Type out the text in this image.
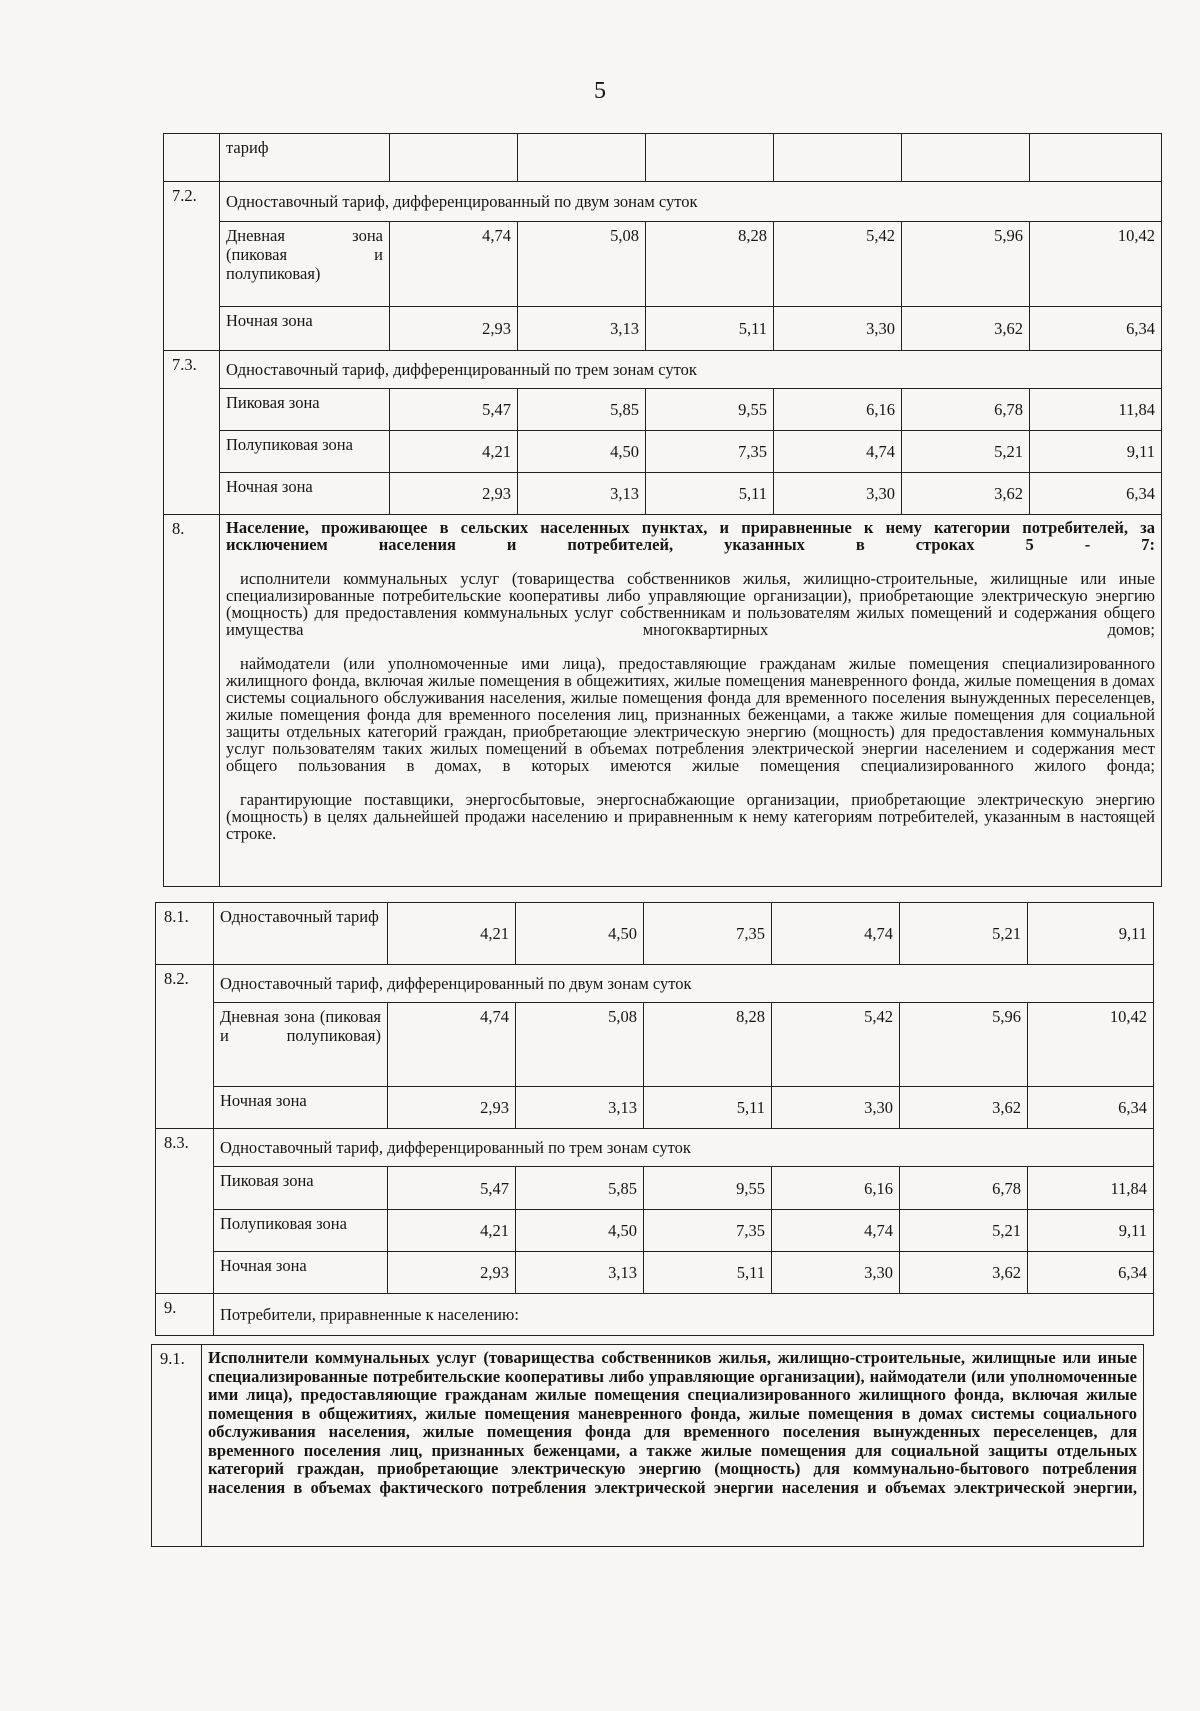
5
	тариф						
7.2.	Одноставочный тариф, дифференцированный по двум зонам суток						

	Дневная зона (пиковая и полупиковая)	4,74	5,08	8,28	5,42	5,96	10,42
	Ночная зона	2,93	3,13	5,11	3,30	3,62	6,34
7.3.	Одноставочный тариф, дифференцированный по трем зонам суток						
	Пиковая зона	5,47	5,85	9,55	6,16	6,78	11,84
	Полупиковая зона	4,21	4,50	7,35	4,74	5,21	9,11
	Ночная зона	2,93	3,13	5,11	3,30	3,62	6,34
8.	Население, проживающее в сельских населенных пунктах, и приравненные к нему категории потребителей, за исключением населения и потребителей, указанных в строках 5 - 7:

исполнители коммунальных услуг (товарищества собственников жилья, жилищно-строительные, жилищные или иные специализированные потребительские кооперативы либо управляющие организации), приобретающие электрическую энергию (мощность) для предоставления коммунальных услуг собственникам и пользователям жилых помещений и содержания общего имущества многоквартирных домов;

наймодатели (или уполномоченные ими лица), предоставляющие гражданам жилые помещения специализированного жилищного фонда, включая жилые помещения в общежитиях, жилые помещения маневренного фонда, жилые помещения в домах системы социального обслуживания населения, жилые помещения фонда для временного поселения вынужденных переселенцев, жилые помещения фонда для временного поселения лиц, признанных беженцами, а также жилые помещения для социальной защиты отдельных категорий граждан, приобретающие электрическую энергию (мощность) для предоставления коммунальных услуг пользователям таких жилых помещений в объемах потребления электрической энергии населением и содержания мест общего пользования в домах, в которых имеются жилые помещения специализированного жилого фонда;

гарантирующие поставщики, энергосбытовые, энергоснабжающие организации, приобретающие электрическую энергию (мощность) в целях дальнейшей продажи населению и приравненным к нему категориям потребителей, указанным в настоящей строке.						

8.1.	Одноставочный тариф	4,21	4,50	7,35	4,74	5,21	9,11
8.2.	Одноставочный тариф, дифференцированный по двум зонам суток						

	Дневная зона (пиковая и полупиковая)	4,74	5,08	8,28	5,42	5,96	10,42
	Ночная зона	2,93	3,13	5,11	3,30	3,62	6,34
8.3.	Одноставочный тариф, дифференцированный по трем зонам суток						
	Пиковая зона	5,47	5,85	9,55	6,16	6,78	11,84
	Полупиковая зона	4,21	4,50	7,35	4,74	5,21	9,11
	Ночная зона	2,93	3,13	5,11	3,30	3,62	6,34
9.	Потребители, приравненные к населению:						
9.1.	Исполнители коммунальных услуг (товарищества собственников жилья, жилищно-строительные, жилищные или иные специализированные потребительские кооперативы либо управляющие организации), наймодатели (или уполномоченные ими лица), предоставляющие гражданам жилые помещения специализированного жилищного фонда, включая жилые помещения в общежитиях, жилые помещения маневренного фонда, жилые помещения в домах системы социального обслуживания населения, жилые помещения фонда для временного поселения вынужденных переселенцев, для временного поселения лиц, признанных беженцами, а также жилые помещения для социальной защиты отдельных категорий граждан, приобретающие электрическую энергию (мощность) для коммунально-бытового потребления населения в объемах фактического потребления электрической энергии населения и объемах электрической энергии,
